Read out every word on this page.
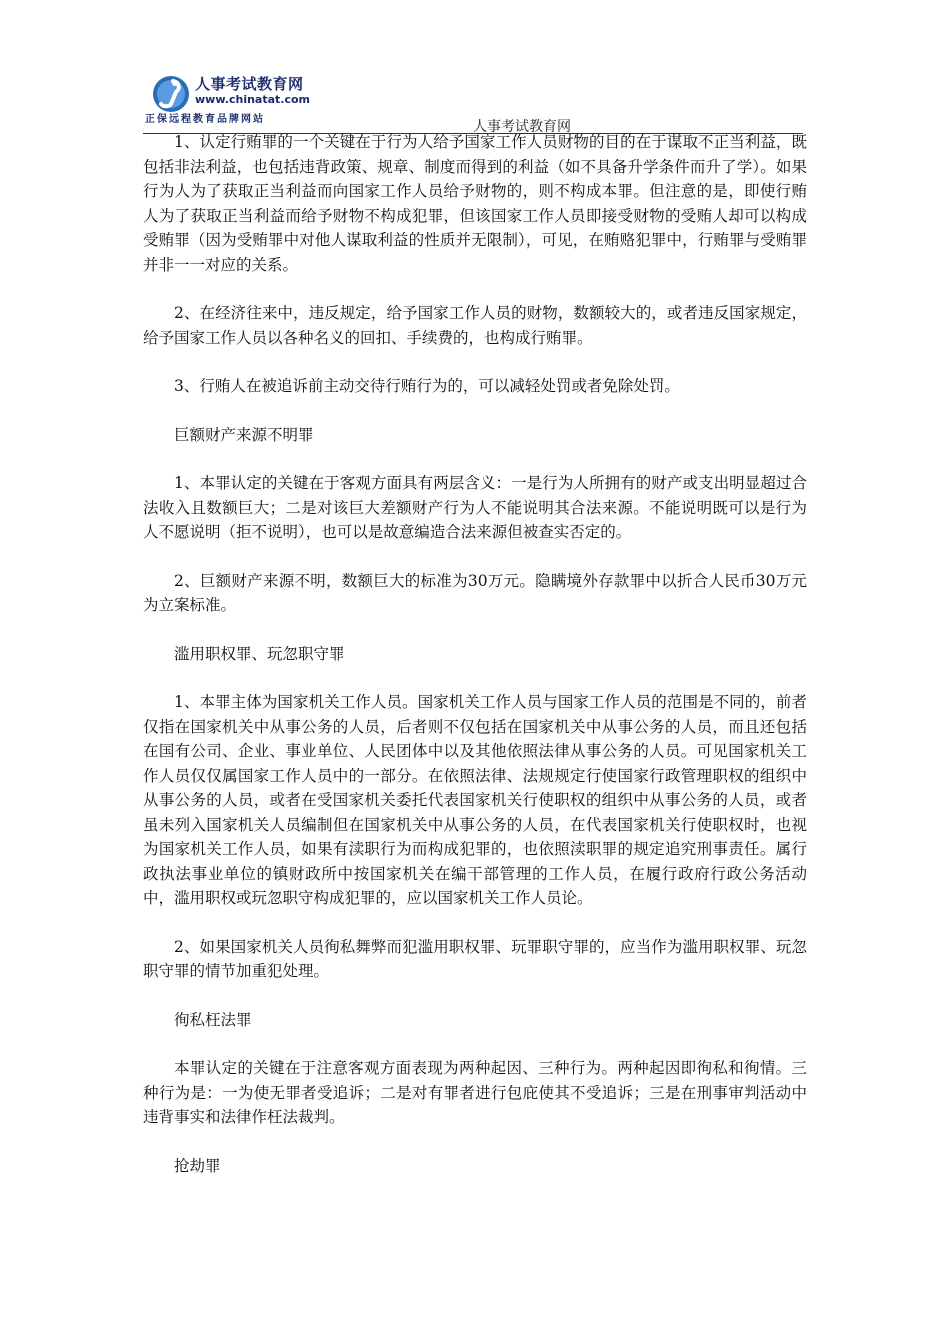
人事考试教育网
www.chinatat.com
正保远程教育品牌网站	人事考试教育网

1、认定行贿罪的一个关键在于行为人给予国家工作人员财物的目的在于谋取不正当利益，既包括非法利益，也包括违背政策、规章、制度而得到的利益（如不具备升学条件而升了学）。如果行为人为了获取正当利益而向国家工作人员给予财物的，则不构成本罪。但注意的是，即使行贿人为了获取正当利益而给予财物不构成犯罪，但该国家工作人员即接受财物的受贿人却可以构成受贿罪（因为受贿罪中对他人谋取利益的性质并无限制），可见，在贿赂犯罪中，行贿罪与受贿罪并非一一对应的关系。

2、在经济往来中，违反规定，给予国家工作人员的财物，数额较大的，或者违反国家规定，给予国家工作人员以各种名义的回扣、手续费的，也构成行贿罪。

3、行贿人在被追诉前主动交待行贿行为的，可以减轻处罚或者免除处罚。

巨额财产来源不明罪

1、本罪认定的关键在于客观方面具有两层含义：一是行为人所拥有的财产或支出明显超过合法收入且数额巨大；二是对该巨大差额财产行为人不能说明其合法来源。不能说明既可以是行为人不愿说明（拒不说明），也可以是故意编造合法来源但被查实否定的。

2、巨额财产来源不明，数额巨大的标准为30万元。隐瞒境外存款罪中以折合人民币30万元为立案标准。

滥用职权罪、玩忽职守罪

1、本罪主体为国家机关工作人员。国家机关工作人员与国家工作人员的范围是不同的，前者仅指在国家机关中从事公务的人员，后者则不仅包括在国家机关中从事公务的人员，而且还包括在国有公司、企业、事业单位、人民团体中以及其他依照法律从事公务的人员。可见国家机关工作人员仅仅属国家工作人员中的一部分。在依照法律、法规规定行使国家行政管理职权的组织中从事公务的人员，或者在受国家机关委托代表国家机关行使职权的组织中从事公务的人员，或者虽未列入国家机关人员编制但在国家机关中从事公务的人员，在代表国家机关行使职权时，也视为国家机关工作人员，如果有渎职行为而构成犯罪的，也依照渎职罪的规定追究刑事责任。属行政执法事业单位的镇财政所中按国家机关在编干部管理的工作人员，在履行政府行政公务活动中，滥用职权或玩忽职守构成犯罪的，应以国家机关工作人员论。

2、如果国家机关人员徇私舞弊而犯滥用职权罪、玩罪职守罪的，应当作为滥用职权罪、玩忽职守罪的情节加重犯处理。

徇私枉法罪

本罪认定的关键在于注意客观方面表现为两种起因、三种行为。两种起因即徇私和徇情。三种行为是：一为使无罪者受追诉；二是对有罪者进行包庇使其不受追诉；三是在刑事审判活动中违背事实和法律作枉法裁判。

抢劫罪
